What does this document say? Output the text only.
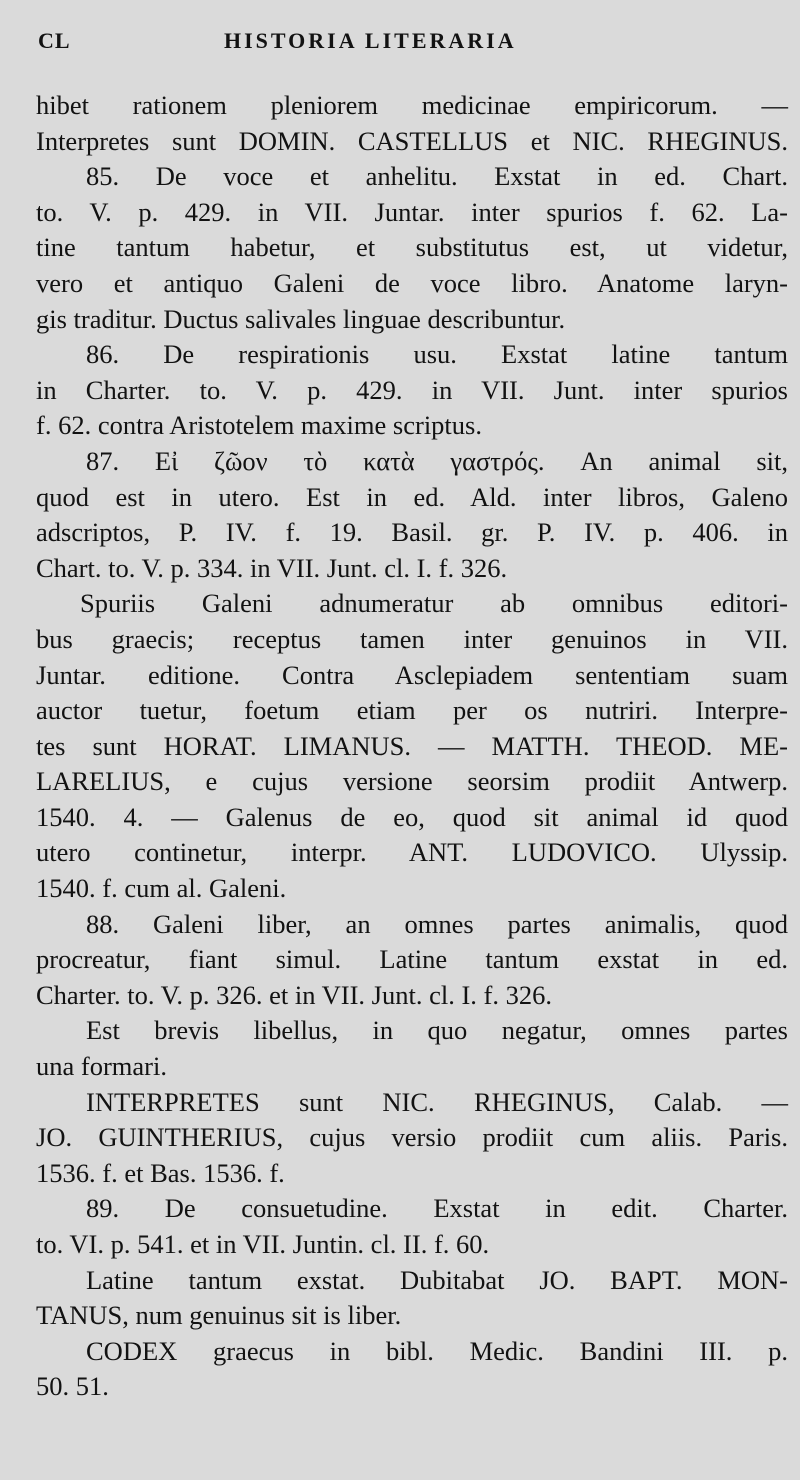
CL	HISTORIA LITERARIA
hibet rationem pleniorem medicinae empiricorum. —
Interpretes sunt DOMIN. CASTELLUS et NIC. RHEGINUS.
85. De voce et anhelitu. Exstat in ed. Chart.
to. V. p. 429. in VII. Juntar. inter spurios f. 62. La-
tine tantum habetur, et substitutus est, ut videtur,
vero et antiquo Galeni de voce libro. Anatome laryn-
gis traditur. Ductus salivales linguae describuntur.
86. De respirationis usu. Exstat latine tantum
in Charter. to. V. p. 429. in VII. Junt. inter spurios
f. 62. contra Aristotelem maxime scriptus.
87. Εἰ ζῶον τὸ κατὰ γαστρός. An animal sit,
quod est in utero. Est in ed. Ald. inter libros, Galeno
adscriptos, P. IV. f. 19. Basil. gr. P. IV. p. 406. in
Chart. to. V. p. 334. in VII. Junt. cl. I. f. 326.
Spuriis Galeni adnumeratur ab omnibus editori-
bus graecis; receptus tamen inter genuinos in VII.
Juntar. editione. Contra Asclepiadem sententiam suam
auctor tuetur, foetum etiam per os nutriri. Interpre-
tes sunt HORAT. LIMANUS. — MATTH. THEOD. ME-
LARELIUS, e cujus versione seorsim prodiit Antwerp.
1540. 4. — Galenus de eo, quod sit animal id quod
utero continetur, interpr. ANT. LUDOVICO. Ulyssip.
1540. f. cum al. Galeni.
88. Galeni liber, an omnes partes animalis, quod
procreatur, fiant simul. Latine tantum exstat in ed.
Charter. to. V. p. 326. et in VII. Junt. cl. I. f. 326.
Est brevis libellus, in quo negatur, omnes partes
una formari.
INTERPRETES sunt NIC. RHEGINUS, Calab. —
JO. GUINTHERIUS, cujus versio prodiit cum aliis. Paris.
1536. f. et Bas. 1536. f.
89. De consuetudine. Exstat in edit. Charter.
to. VI. p. 541. et in VII. Juntin. cl. II. f. 60.
Latine tantum exstat. Dubitabat JO. BAPT. MON-
TANUS, num genuinus sit is liber.
CODEX graecus in bibl. Medic. Bandini III. p.
50. 51.
